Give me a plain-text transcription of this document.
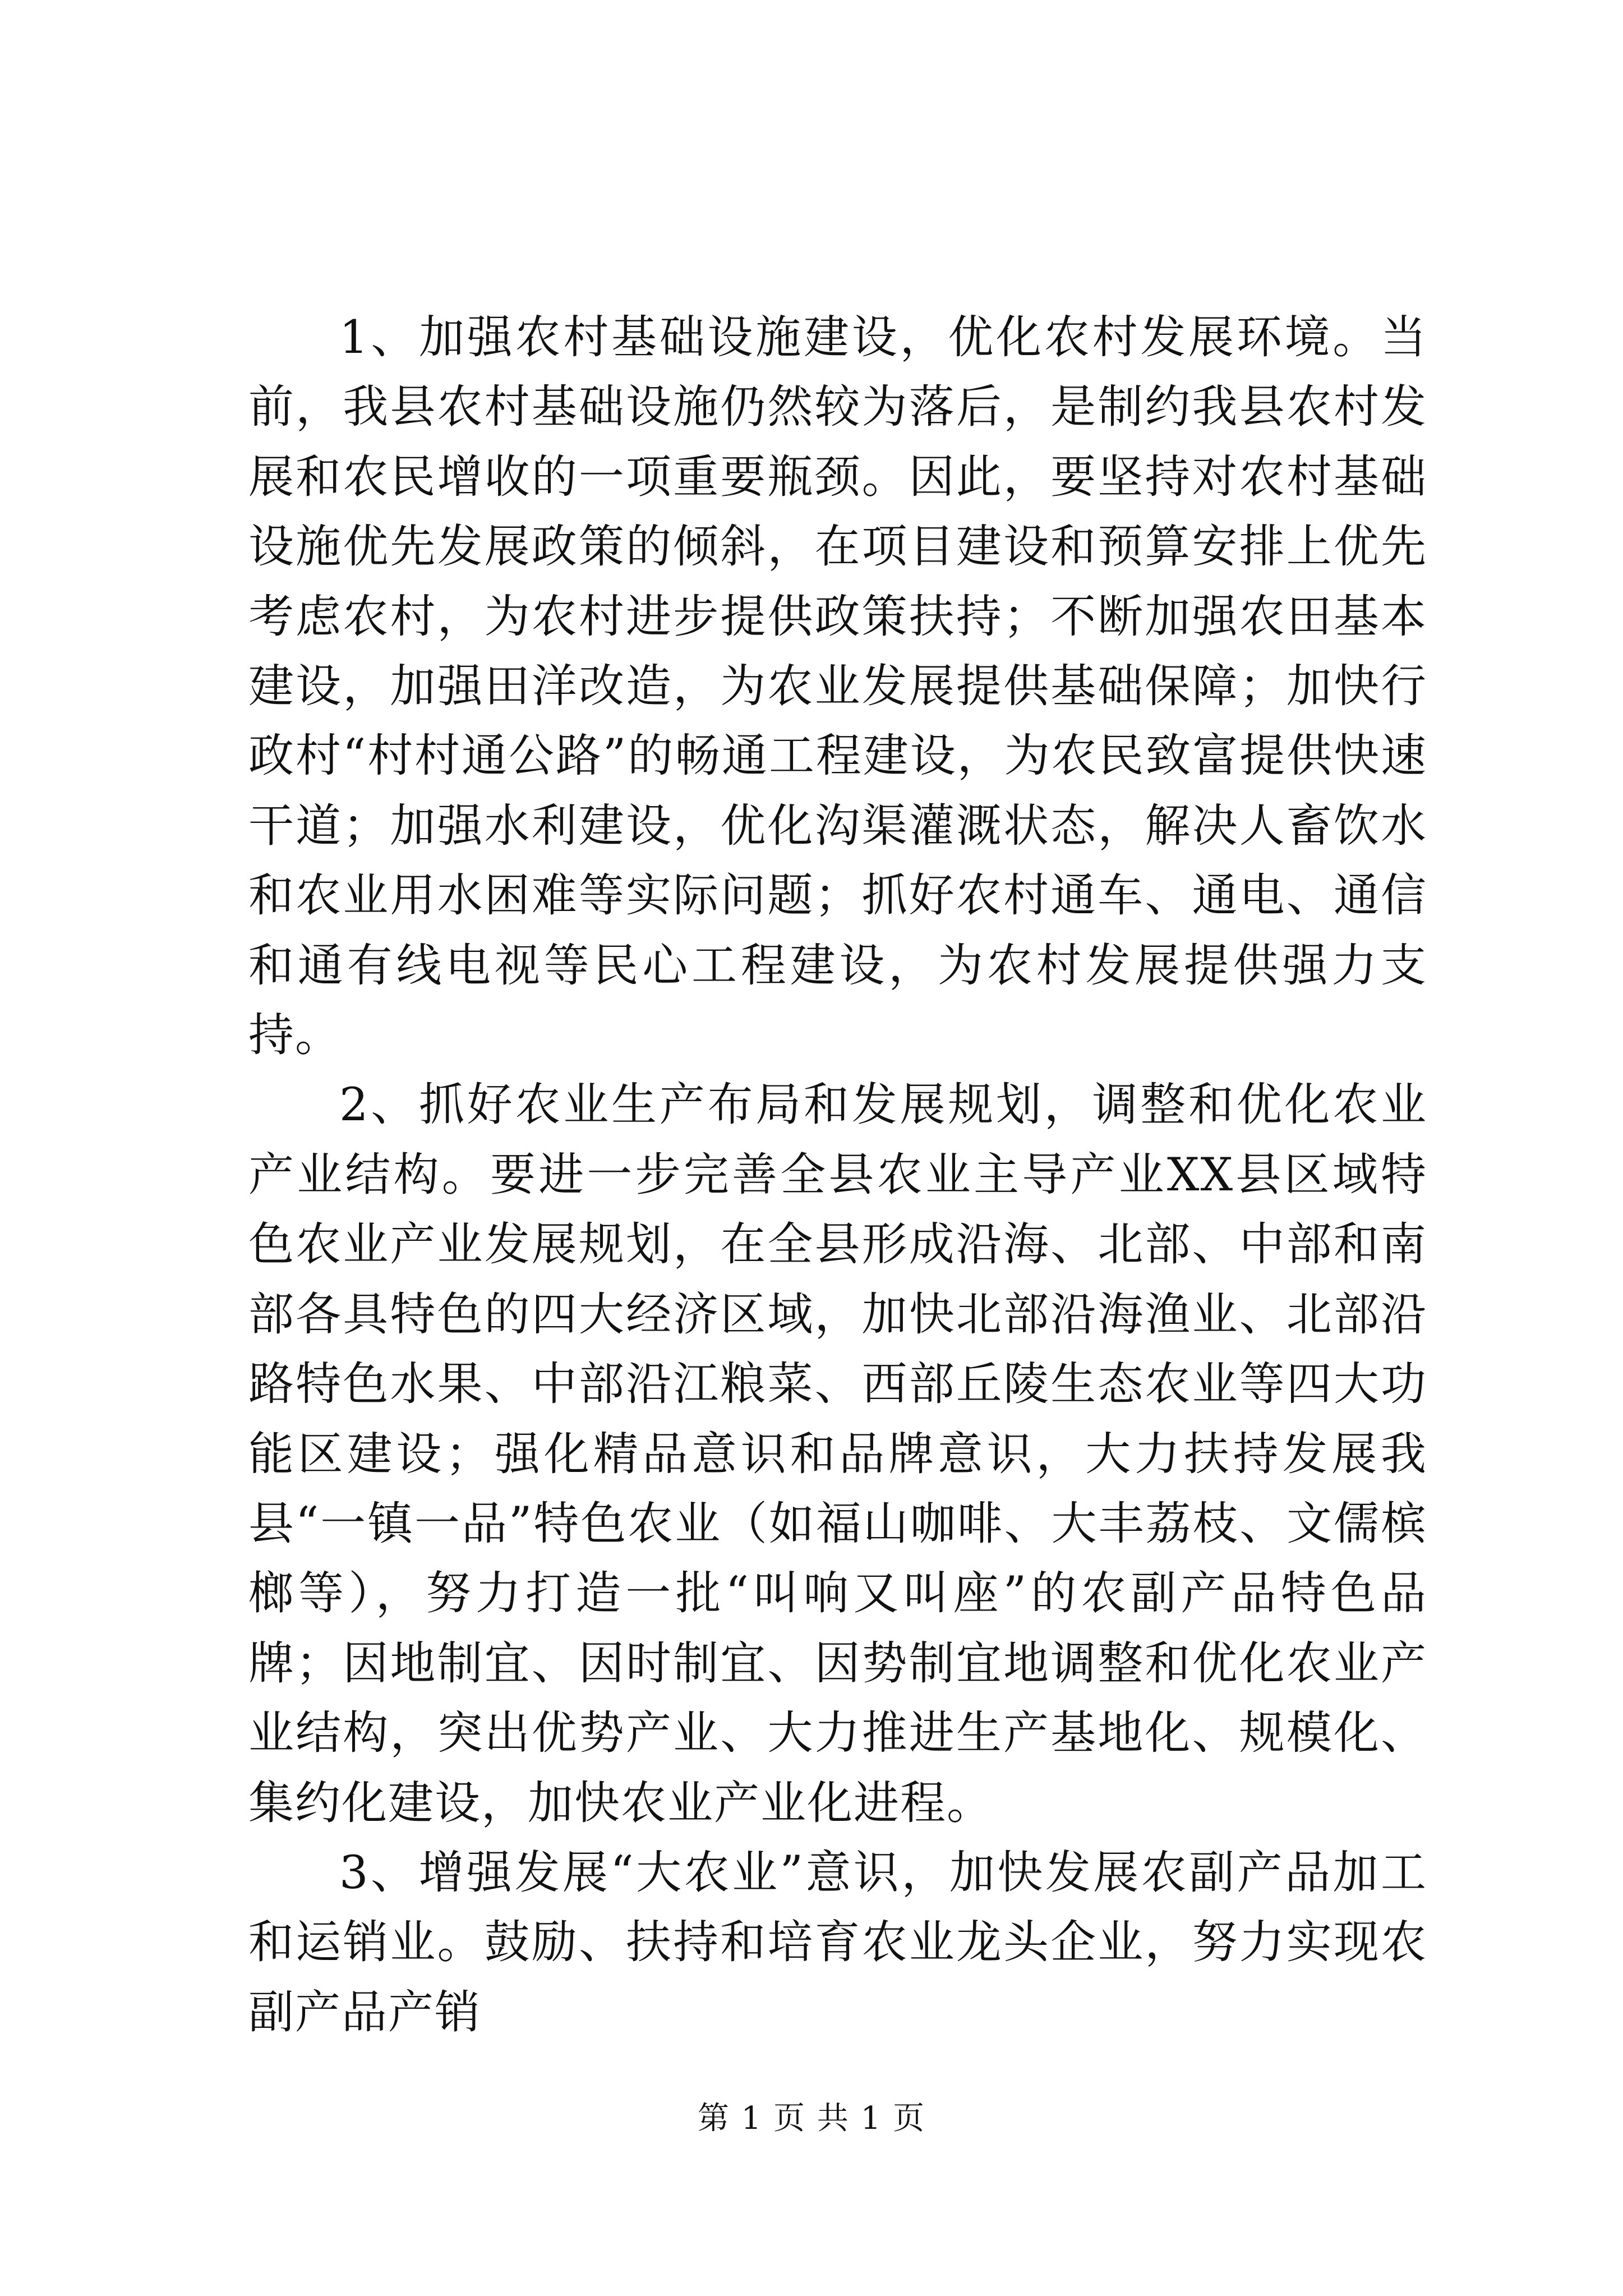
1、加强农村基础设施建设，优化农村发展环境。当前，我县农村基础设施仍然较为落后，是制约我县农村发展和农民增收的一项重要瓶颈。因此，要坚持对农村基础设施优先发展政策的倾斜，在项目建设和预算安排上优先考虑农村，为农村进步提供政策扶持；不断加强农田基本建设，加强田洋改造，为农业发展提供基础保障；加快行政村“村村通公路”的畅通工程建设，为农民致富提供快速干道；加强水利建设，优化沟渠灌溉状态，解决人畜饮水和农业用水困难等实际问题；抓好农村通车、通电、通信和通有线电视等民心工程建设，为农村发展提供强力支持。

2、抓好农业生产布局和发展规划，调整和优化农业产业结构。要进一步完善全县农业主导产业XX县区域特色农业产业发展规划，在全县形成沿海、北部、中部和南部各具特色的四大经济区域，加快北部沿海渔业、北部沿路特色水果、中部沿江粮菜、西部丘陵生态农业等四大功能区建设；强化精品意识和品牌意识，大力扶持发展我县“一镇一品”特色农业（如福山咖啡、大丰荔枝、文儒槟榔等），努力打造一批“叫响又叫座”的农副产品特色品牌；因地制宜、因时制宜、因势制宜地调整和优化农业产业结构，突出优势产业、大力推进生产基地化、规模化、集约化建设，加快农业产业化进程。

3、增强发展“大农业”意识，加快发展农副产品加工和运销业。鼓励、扶持和培育农业龙头企业，努力实现农副产品产销

第 1 页 共 1 页
